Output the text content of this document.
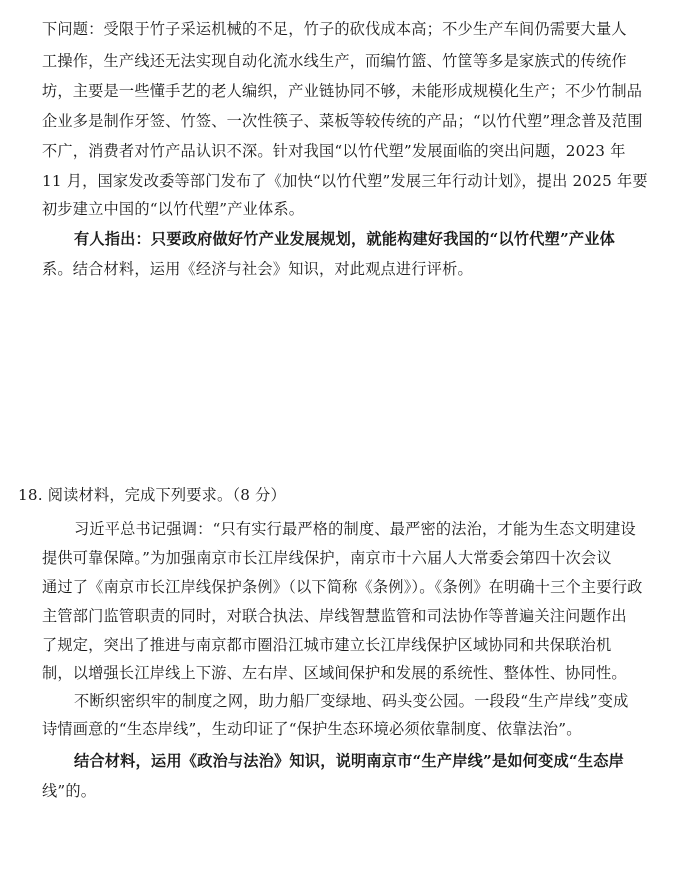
下问题：受限于竹子采运机械的不足，竹子的砍伐成本高；不少生产车间仍需要大量人
工操作，生产线还无法实现自动化流水线生产，而编竹篮、竹筐等多是家族式的传统作
坊，主要是一些懂手艺的老人编织，产业链协同不够，未能形成规模化生产；不少竹制品
企业多是制作牙签、竹签、一次性筷子、菜板等较传统的产品；“以竹代塑”理念普及范围
不广，消费者对竹产品认识不深。针对我国“以竹代塑”发展面临的突出问题，2023 年
11 月，国家发改委等部门发布了《加快“以竹代塑”发展三年行动计划》，提出 2025 年要
初步建立中国的“以竹代塑”产业体系。
有人指出：只要政府做好竹产业发展规划，就能构建好我国的“以竹代塑”产业体
系。结合材料，运用《经济与社会》知识，对此观点进行评析。
18. 阅读材料，完成下列要求。（8 分）
习近平总书记强调：“只有实行最严格的制度、最严密的法治，才能为生态文明建设
提供可靠保障。”为加强南京市长江岸线保护，南京市十六届人大常委会第四十次会议
通过了《南京市长江岸线保护条例》（以下简称《条例》）。《条例》在明确十三个主要行政
主管部门监管职责的同时，对联合执法、岸线智慧监管和司法协作等普遍关注问题作出
了规定，突出了推进与南京都市圈沿江城市建立长江岸线保护区域协同和共保联治机
制，以增强长江岸线上下游、左右岸、区域间保护和发展的系统性、整体性、协同性。
不断织密织牢的制度之网，助力船厂变绿地、码头变公园。一段段“生产岸线”变成
诗情画意的“生态岸线”，生动印证了“保护生态环境必须依靠制度、依靠法治”。
结合材料，运用《政治与法治》知识，说明南京市“生产岸线”是如何变成“生态岸
线”的。
